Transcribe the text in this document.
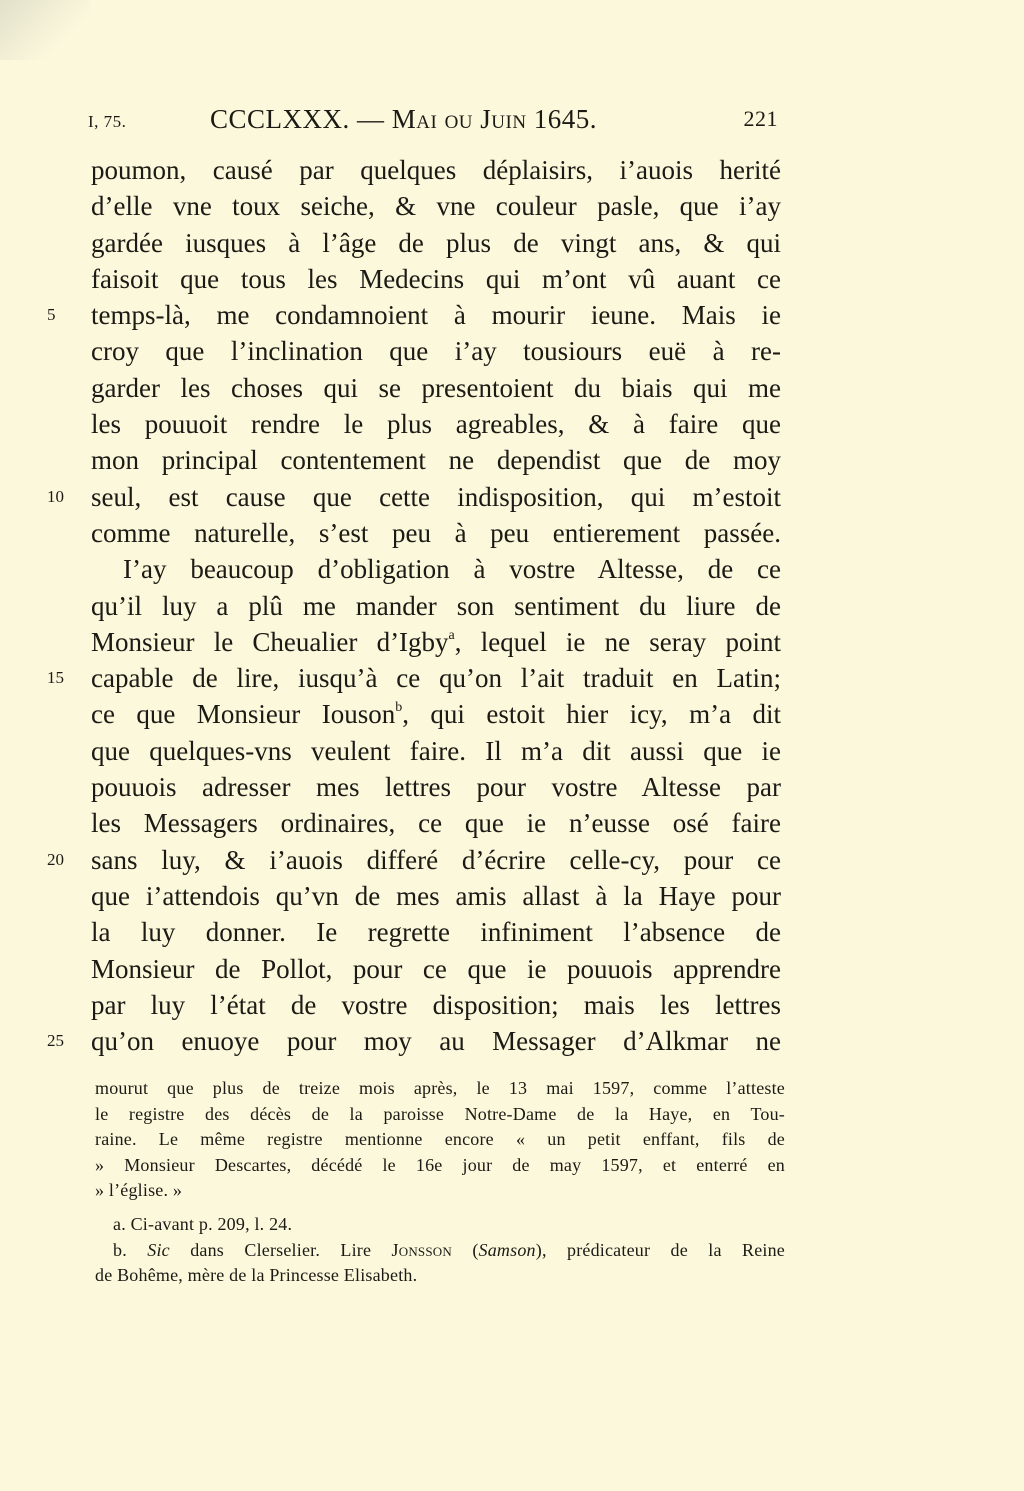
I, 75.	CCCLXXX. — Mai ou Juin 1645.	221
poumon, causé par quelques déplaisirs, i’auois herité
d’elle vne toux seiche, & vne couleur pasle, que i’ay
gardée iusques à l’âge de plus de vingt ans, & qui
faisoit que tous les Medecins qui m’ont vû auant ce
5	temps-là, me condamnoient à mourir ieune. Mais ie
croy que l’inclination que i’ay tousiours euë à re-
garder les choses qui se presentoient du biais qui me
les pouuoit rendre le plus agreables, & à faire que
mon principal contentement ne dependist que de moy
10	seul, est cause que cette indisposition, qui m’estoit
comme naturelle, s’est peu à peu entierement passée.
I’ay beaucoup d’obligation à vostre Altesse, de ce
qu’il luy a plû me mander son sentiment du liure de
Monsieur le Cheualier d’Igby$^a$, lequel ie ne seray point
15	capable de lire, iusqu’à ce qu’on l’ait traduit en Latin;
ce que Monsieur Iouson$^b$, qui estoit hier icy, m’a dit
que quelques-vns veulent faire. Il m’a dit aussi que ie
pouuois adresser mes lettres pour vostre Altesse par
les Messagers ordinaires, ce que ie n’eusse osé faire
20	sans luy, & i’auois differé d’écrire celle-cy, pour ce
que i’attendois qu’vn de mes amis allast à la Haye pour
la luy donner. Ie regrette infiniment l’absence de
Monsieur de Pollot, pour ce que ie pouuois apprendre
par luy l’état de vostre disposition; mais les lettres
25	qu’on enuoye pour moy au Messager d’Alkmar ne
mourut que plus de treize mois après, le 13 mai 1597, comme l’atteste
le registre des décès de la paroisse Notre-Dame de la Haye, en Tou-
raine. Le même registre mentionne encore « un petit enffant, fils de
» Monsieur Descartes, décédé le 16e jour de may 1597, et enterré en
» l’église. »
a. Ci-avant p. 209, l. 24.
b. Sic dans Clerselier. Lire Jonsson (Samson), prédicateur de la Reine
de Bohême, mère de la Princesse Elisabeth.
